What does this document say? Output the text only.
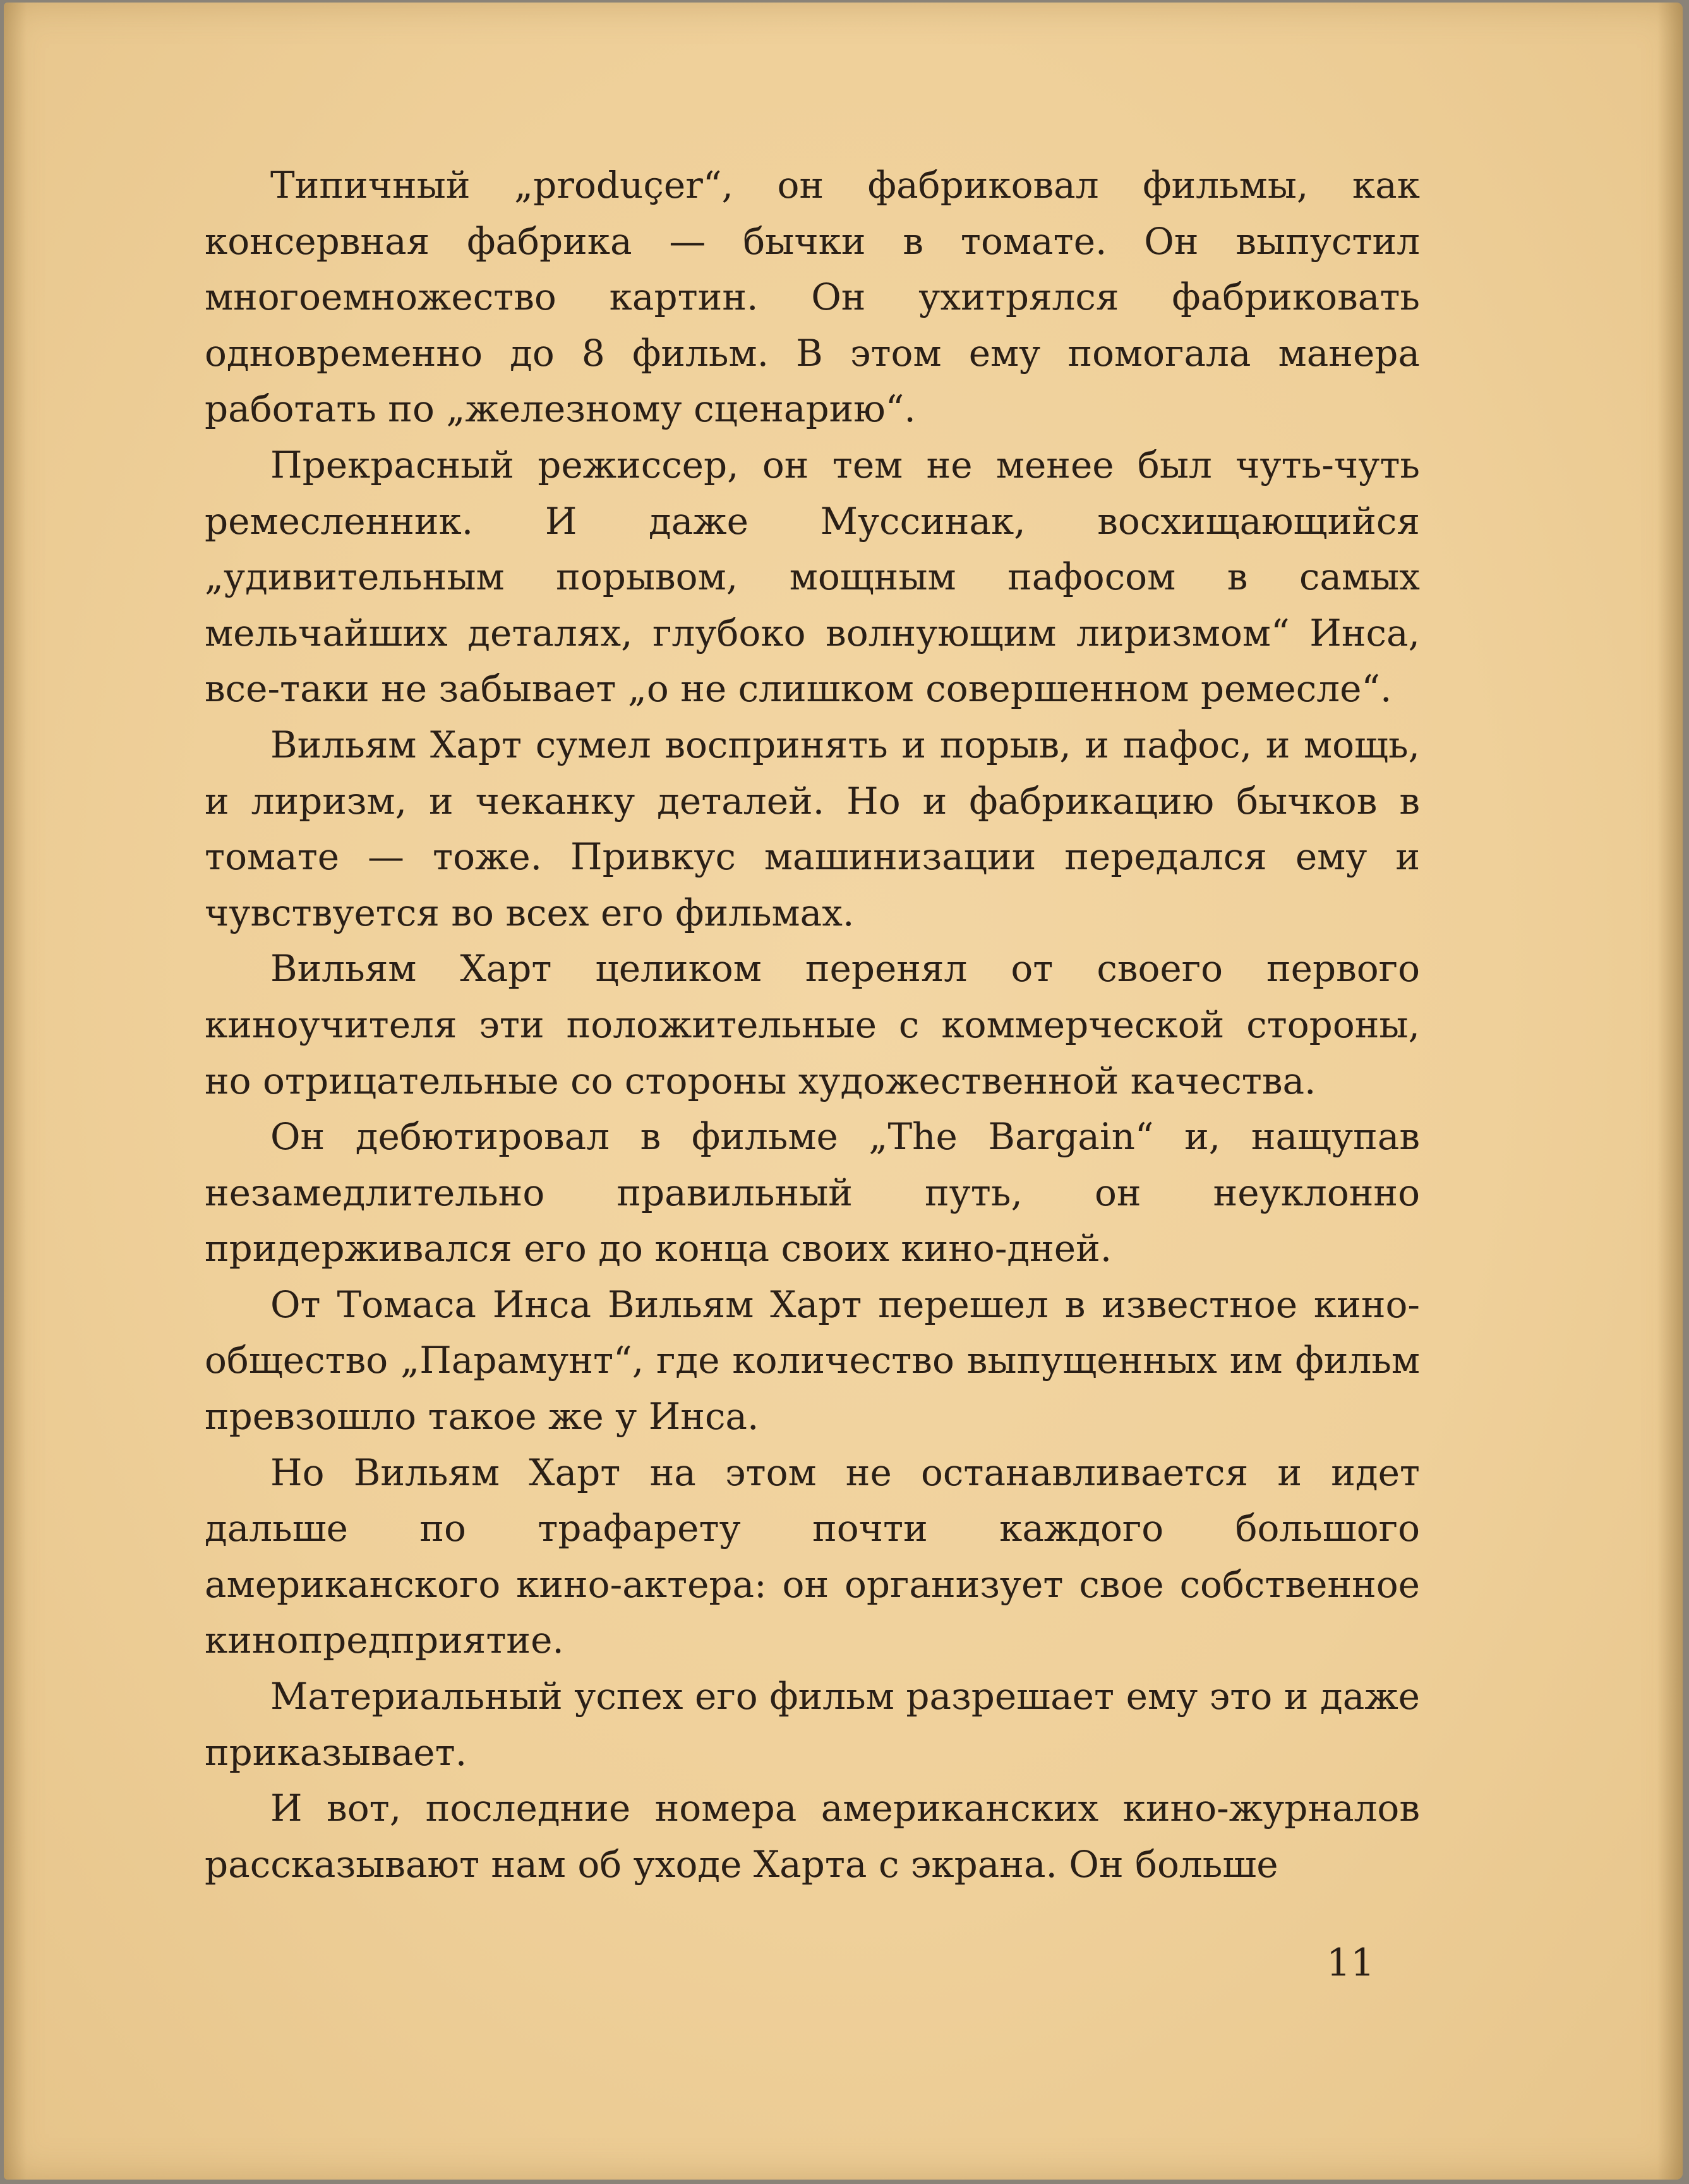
Типичный „produçer“, он фабриковал фильмы, как консервная фабрика — бычки в томате. Он выпустил многоемножество картин. Он ухитрялся фабриковать одновременно до 8 фильм. В этом ему помогала манера работать по „железному сценарию“.

Прекрасный режиссер, он тем не менее был чуть-чуть ремесленник. И даже Муссинак, восхищающийся „удивительным порывом, мощным пафосом в самых мельчайших деталях, глубоко волнующим лиризмом“ Инса, все-таки не забывает „о не слишком совершенном ремесле“.

Вильям Харт сумел воспринять и порыв, и пафос, и мощь, и лиризм, и чеканку деталей. Но и фабрикацию бычков в томате — тоже. Привкус машинизации передался ему и чувствуется во всех его фильмах.

Вильям Харт целиком перенял от своего первого киноучителя эти положительные с коммерческой стороны, но отрицательные со стороны художественной качества.

Он дебютировал в фильме „The Bargain“ и, нащупав незамедлительно правильный путь, он неуклонно придерживался его до конца своих кино-дней.

От Томаса Инса Вильям Харт перешел в известное кино-общество „Парамунт“, где количество выпущенных им фильм превзошло такое же у Инса.

Но Вильям Харт на этом не останавливается и идет дальше по трафарету почти каждого большого американского кино-актера: он организует свое собственное кинопредприятие.

Материальный успех его фильм разрешает ему это и даже приказывает.

И вот, последние номера американских кино-журналов рассказывают нам об уходе Харта с экрана. Он больше

11
